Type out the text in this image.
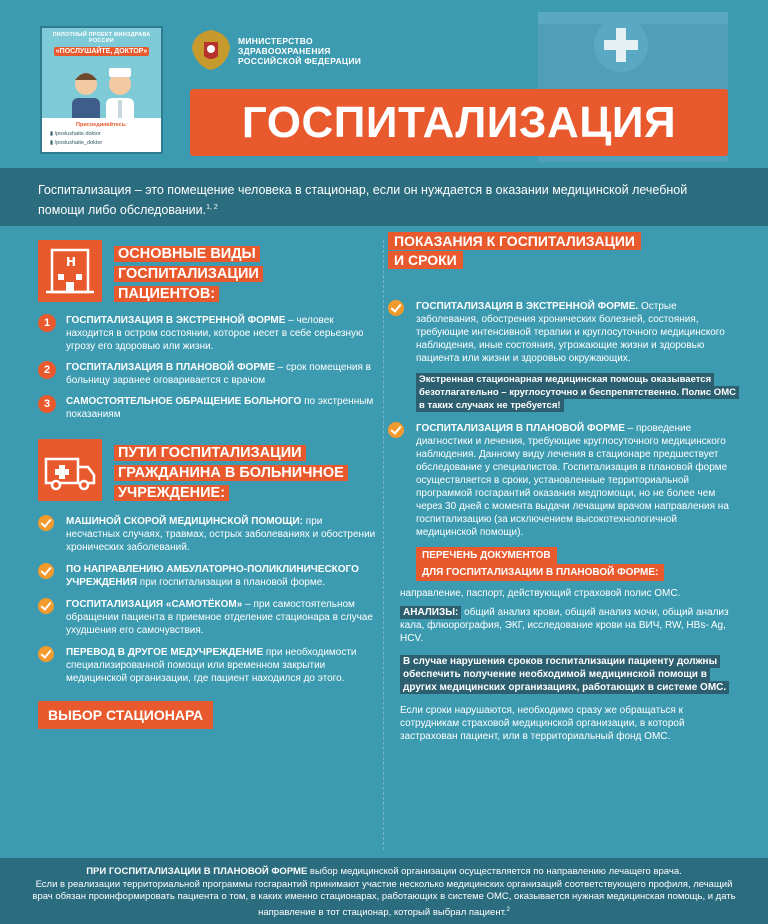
ПИЛОТНЫЙ ПРОЕКТ МИНЗДРАВА РОССИИ
«ПОСЛУШАЙТЕ, ДОКТОР»
Присоединяйтесь:
▮ /poslushaite.doktor
▮ /poslushaite_doktor
МИНИСТЕРСТВО
ЗДРАВООХРАНЕНИЯ
РОССИЙСКОЙ ФЕДЕРАЦИИ
ГОСПИТАЛИЗАЦИЯ

Госпитализация – это помещение человека в стационар, если он нуждается в оказании медицинской лечебной помощи либо обследовании.$^{1, 2}$

H	ОСНОВНЫЕ ВИДЫ
ГОСПИТАЛИЗАЦИИ
ПАЦИЕНТОВ:
1	ГОСПИТАЛИЗАЦИЯ В ЭКСТРЕННОЙ ФОРМЕ – человек находится в остром состоянии, которое несет в себе серьезную угрозу его здоровью или жизни.
2	ГОСПИТАЛИЗАЦИЯ В ПЛАНОВОЙ ФОРМЕ – срок помещения в больницу заранее оговаривается с врачом
3	САМОСТОЯТЕЛЬНОЕ ОБРАЩЕНИЕ БОЛЬНОГО по экстренным показаниям
ПУТИ ГОСПИТАЛИЗАЦИИ
ГРАЖДАНИНА В БОЛЬНИЧНОЕ
УЧРЕЖДЕНИЕ:
МАШИНОЙ СКОРОЙ МЕДИЦИНСКОЙ ПОМОЩИ: при несчастных случаях, травмах, острых заболеваниях и обострении хронических заболеваний.
ПО НАПРАВЛЕНИЮ АМБУЛАТОРНО-ПОЛИКЛИНИЧЕСКОГО УЧРЕЖДЕНИЯ при госпитализации в плановой форме.
ГОСПИТАЛИЗАЦИЯ «САМОТЁКОМ» – при самостоятельном обращении пациента в приемное отделение стационара в случае ухудшения его самочувствия.
ПЕРЕВОД В ДРУГОЕ МЕДУЧРЕЖДЕНИЕ при необходимости специализированной помощи или временном закрытии медицинской организации, где пациент находился до этого.
ВЫБОР СТАЦИОНАРА
ПОКАЗАНИЯ К ГОСПИТАЛИЗАЦИИ
И СРОКИ
ГОСПИТАЛИЗАЦИЯ В ЭКСТРЕННОЙ ФОРМЕ. Острые заболевания, обострения хронических болезней, состояния, требующие интенсивной терапии и круглосуточного медицинского наблюдения, иные состояния, угрожающие жизни и здоровью пациента или жизни и здоровью окружающих.
Экстренная стационарная медицинская помощь оказывается безотлагательно – круглосуточно и беспрепятственно. Полис ОМС в таких случаях не требуется!
ГОСПИТАЛИЗАЦИЯ В ПЛАНОВОЙ ФОРМЕ – проведение диагностики и лечения, требующие круглосуточного медицинского наблюдения. Данному виду лечения в стационаре предшествует обследование у специалистов. Госпитализация в плановой форме осуществляется в сроки, установленные территориальной программой госгарантий оказания медпомощи, но не более чем через 30 дней с момента выдачи лечащим врачом направления на госпитализацию (за исключением высокотехнологичной медицинской помощи).
ПЕРЕЧЕНЬ ДОКУМЕНТОВ
ДЛЯ ГОСПИТАЛИЗАЦИИ В ПЛАНОВОЙ ФОРМЕ:
направление, паспорт, действующий страховой полис ОМС.
АНАЛИЗЫ: общий анализ крови, общий анализ мочи, общий анализ кала, флюорография, ЭКГ, исследование крови на ВИЧ, RW, HBs- Ag, HCV.
В случае нарушения сроков госпитализации пациенту должны обеспечить получение необходимой медицинской помощи в других медицинских организациях, работающих в системе ОМС.
Если сроки нарушаются, необходимо сразу же обращаться к сотрудникам страховой медицинской организации, в которой застрахован пациент, или в территориальный фонд ОМС.
ПРИ ГОСПИТАЛИЗАЦИИ В ПЛАНОВОЙ ФОРМЕ выбор медицинской организации осуществляется по направлению лечащего врача.
Если в реализации территориальной программы госгарантий принимают участие несколько медицинских организаций соответствующего профиля, лечащий врач обязан проинформировать пациента о том, в каких именно стационарах, работающих в системе ОМС, оказывается нужная медицинская помощь, и дать направление в тот стационар, который выбрал пациент.$^2$
